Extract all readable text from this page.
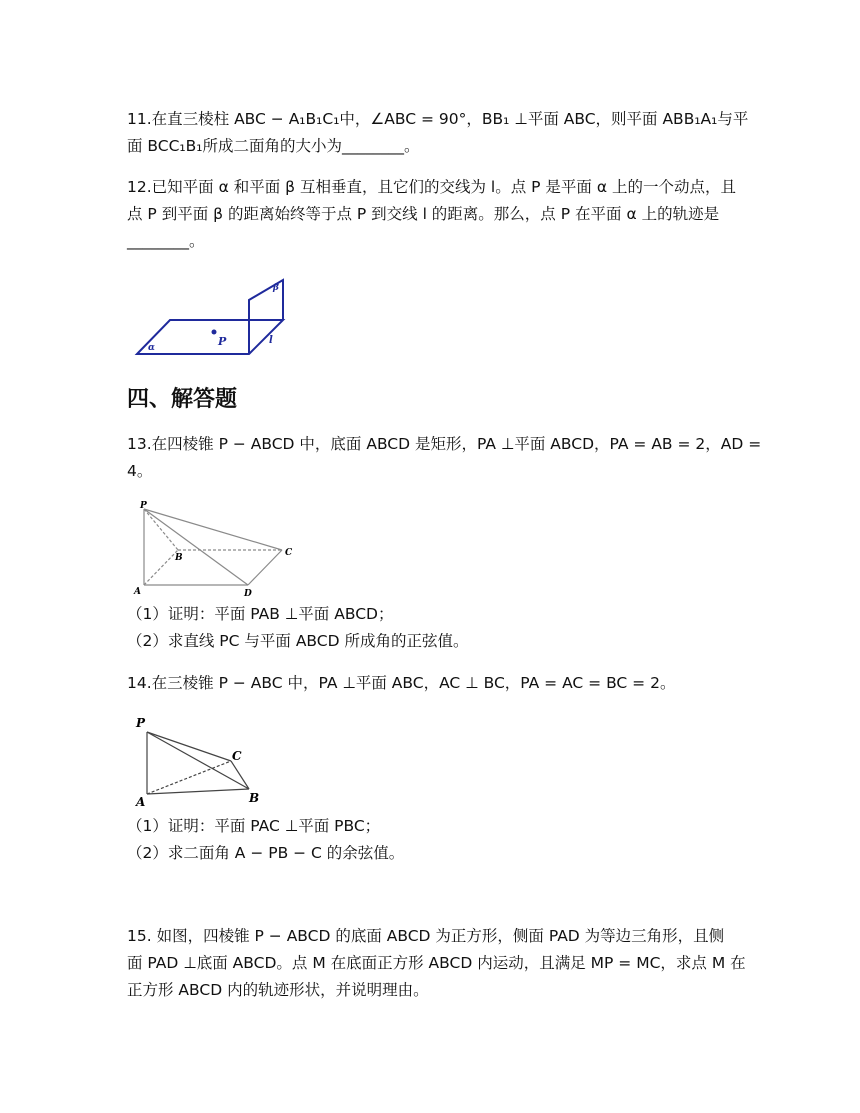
11.在直三棱柱 ABC − A₁B₁C₁中，∠ABC = 90°，BB₁ ⊥平面 ABC，则平面 ABB₁A₁与平
面 BCC₁B₁所成二面角的大小为________。
12.已知平面 α 和平面 β 互相垂直，且它们的交线为 l。点 P 是平面 α 上的一个动点，且
点 P 到平面 β 的距离始终等于点 P 到交线 l 的距离。那么，点 P 在平面 α 上的轨迹是
________。
α	P	l
β
四、解答题
13.在四棱锥 P − ABCD 中，底面 ABCD 是矩形，PA ⊥平面 ABCD，PA = AB = 2，AD =
4。
P
B	C
A	D
（1）证明：平面 PAB ⊥平面 ABCD；
（2）求直线 PC 与平面 ABCD 所成角的正弦值。
14.在三棱锥 P − ABC 中，PA ⊥平面 ABC，AC ⊥ BC，PA = AC = BC = 2。
P
C
A	B
（1）证明：平面 PAC ⊥平面 PBC；
（2）求二面角 A − PB − C 的余弦值。
15. 如图，四棱锥 P − ABCD 的底面 ABCD 为正方形，侧面 PAD 为等边三角形，且侧
面 PAD ⊥底面 ABCD。点 M 在底面正方形 ABCD 内运动，且满足 MP = MC，求点 M 在
正方形 ABCD 内的轨迹形状，并说明理由。
